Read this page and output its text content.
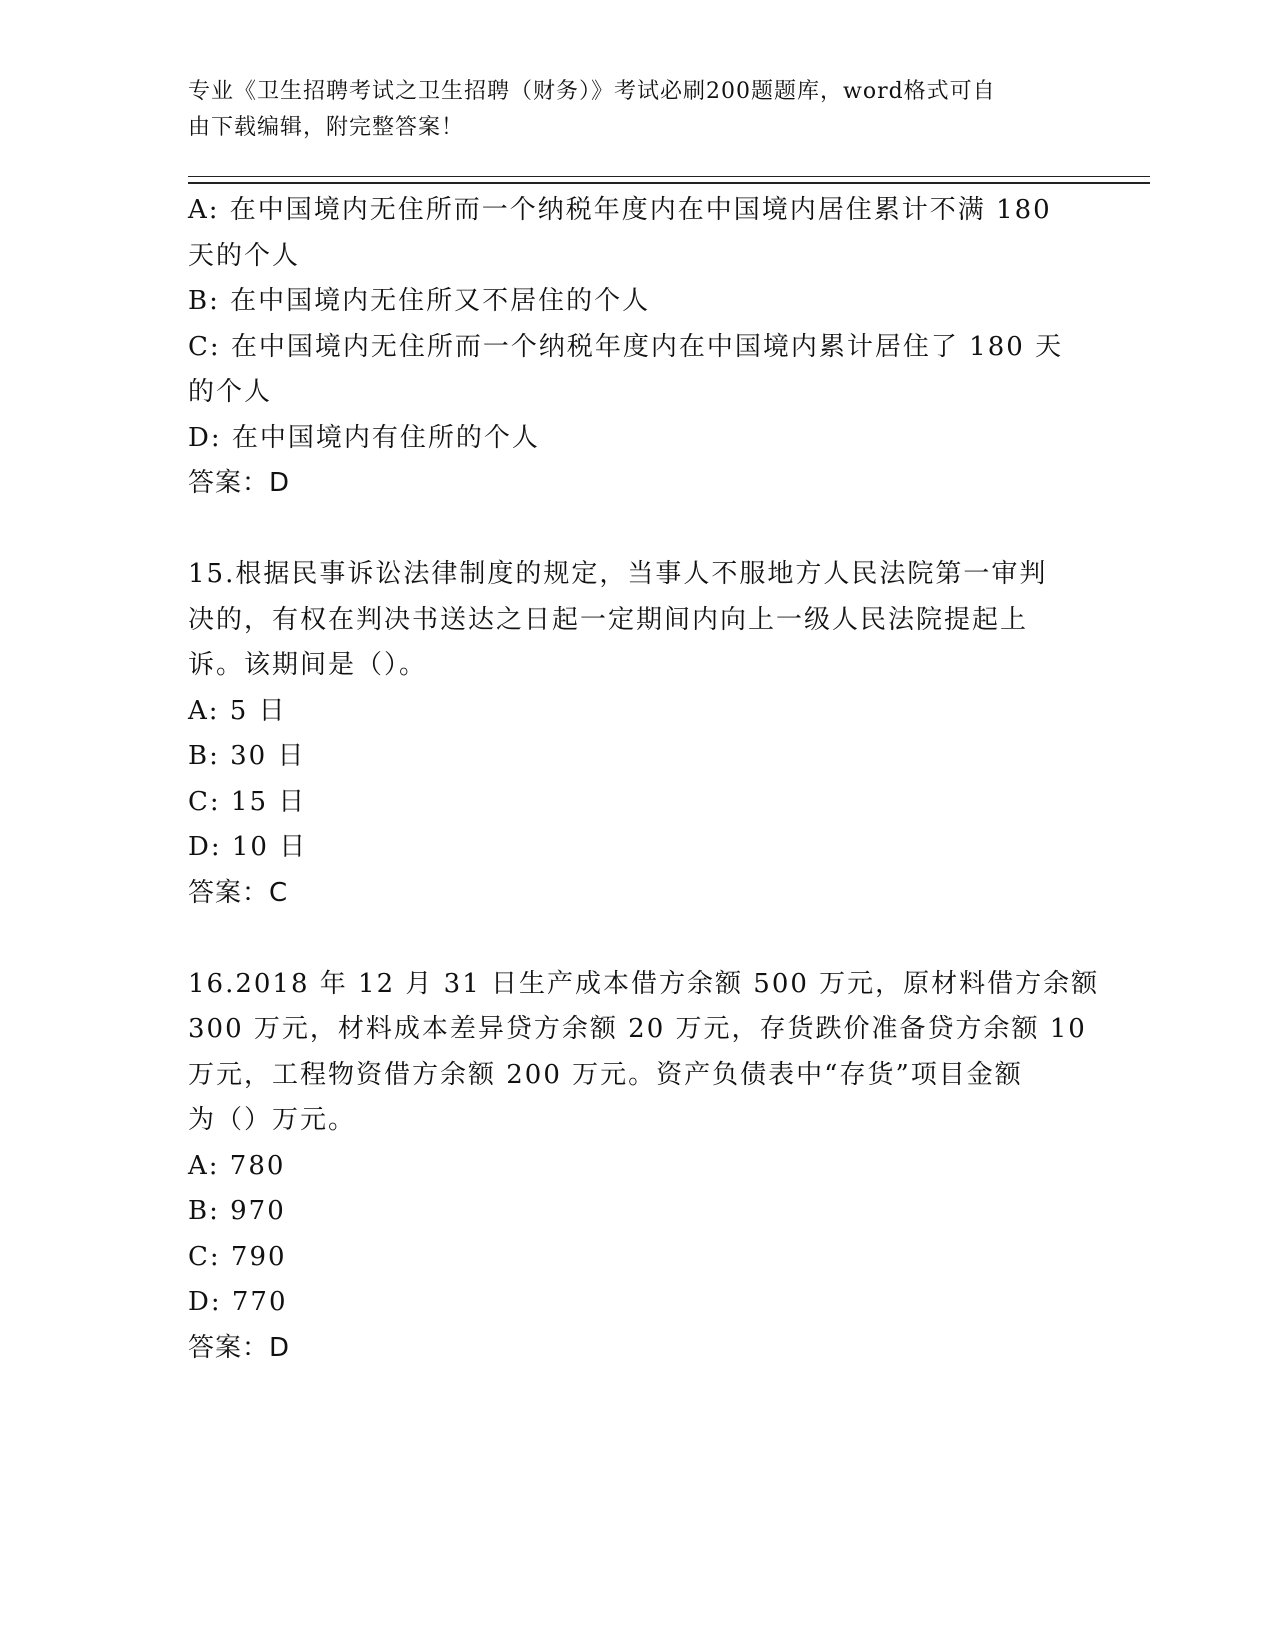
专业《卫生招聘考试之卫生招聘（财务）》考试必刷200题题库，word格式可自
由下载编辑，附完整答案！
A: 在中国境内无住所而一个纳税年度内在中国境内居住累计不满 180
天的个人
B: 在中国境内无住所又不居住的个人
C: 在中国境内无住所而一个纳税年度内在中国境内累计居住了 180 天
的个人
D: 在中国境内有住所的个人
答案：D
15.根据民事诉讼法律制度的规定，当事人不服地方人民法院第一审判
决的，有权在判决书送达之日起一定期间内向上一级人民法院提起上
诉。该期间是（）。
A: 5 日
B: 30 日
C: 15 日
D: 10 日
答案：C
16.2018 年 12 月 31 日生产成本借方余额 500 万元，原材料借方余额
300 万元，材料成本差异贷方余额 20 万元，存货跌价准备贷方余额 10
万元，工程物资借方余额 200 万元。资产负债表中“存货”项目金额
为（）万元。
A: 780
B: 970
C: 790
D: 770
答案：D
